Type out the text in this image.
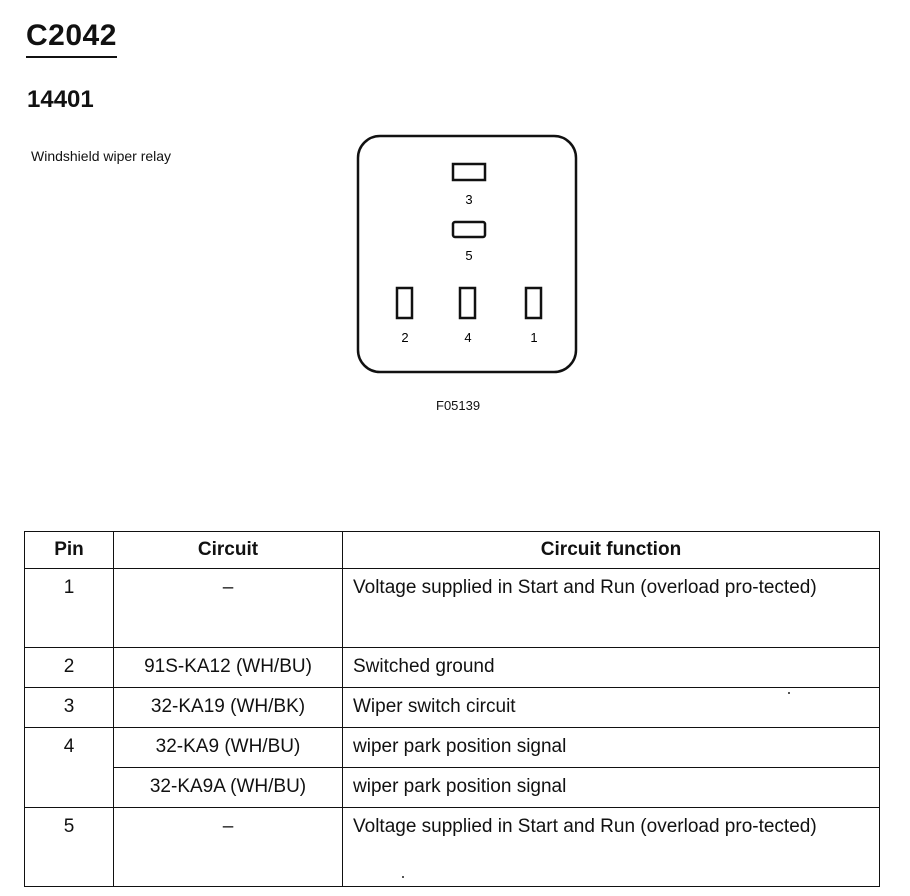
C2042
14401
Windshield wiper relay
3
5
2	4	1
F05139
Pin	Circuit	Circuit function
1	–	Voltage supplied in Start and Run (overload pro-tected)
2	91S-KA12 (WH/BU)	Switched ground
3	32-KA19 (WH/BK)	Wiper switch circuit
4	32-KA9 (WH/BU)	wiper park position signal
	32-KA9A (WH/BU)	wiper park position signal
5	–	Voltage supplied in Start and Run (overload pro-tected)
